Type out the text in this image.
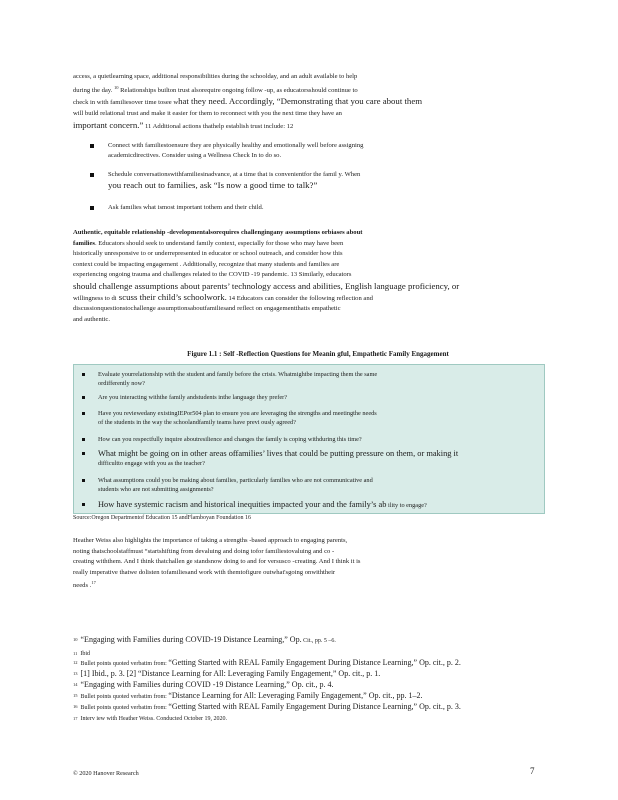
access, a quietlearning space, additional responsibilities during the schoolday, and an adult available to help

during the day. $^{10}$ Relationships builton trust alsorequire ongoing follow -up, as educatorsshould continue to

check in with familiesover time tosee what they need. Accordingly, “Demonstrating that you care about them

will build relational trust and make it easier for them to reconnect with you the next time they have an

important concern.” 11 Additional actions thathelp establish trust include: 12

Connect with familiestoensure they are physically healthy and emotionally well before assigning
academicdirectives. Consider using a Wellness Check In to do so.
Schedule conversationswithfamiliesinadvance, at a time that is convenientfor the famil y. When
you reach out to families, ask “Is now a good time to talk?”
Ask families what ismost important tothem and their child.

Authentic, equitable relationship -developmentalsorequires challengingany assumptions orbiases about

families. Educators should seek to understand family context, especially for those who may have been

historically unresponsive to or underrepresented in educator or school outreach, and consider how this

context could be impacting engagement . Additionally, recognize that many students and families are

experiencing ongoing trauma and challenges related to the COVID -19 pandemic. 13 Similarly, educators

should challenge assumptions about parents’ technology access and abilities, English language proficiency, or

willingness to di scuss their child’s schoolwork. 14 Educators can consider the following reflection and

discussionquestionstochallenge assumptionsaboutfamiliesand reflect on engagementthatis empathetic

and authentic.

Figure 1.1 : Self -Reflection Questions for Meanin gful, Empathetic Family Engagement
Evaluate yourrelationship with the student and family before the crisis. Whatmightbe impacting them the same
ordifferently now?
Are you interacting withthe family andstudents inthe language they prefer?
Have you reviewedany existingIEPor504 plan to ensure you are leveraging the strengths and meetingthe needs
of the students in the way the schoolandfamily teams have previ ously agreed?
How can you respectfully inquire aboutresilience and changes the family is coping withduring this time?
What might be going on in other areas offamilies’ lives that could be putting pressure on them, or making it
difficultto engage with you as the teacher?
What assumptions could you be making about families, particularly families who are not communicative and
students who are not submitting assignments?
How have systemic racism and historical inequities impacted your and the family’s ab ility to engage?
Source:Oregon Departmentof Education 15 andFlamboyan Foundation 16

Heather Weiss also highlights the importance of taking a strengths -based approach to engaging parents,

noting thatschoolstaffmust “startshifting from devaluing and doing tofor familiestovaluing and co -

creating withthem. And I think thatchallen ge standsnow doing to and for versusco -creating. And I think it is

really imperative thatwe dolisten tofamiliesand work with themtofigure outwhat'sgoing onwiththeir

needs .$^{17}$

$^{10}$ “Engaging with Families during COVID-19 Distance Learning,” Op. Cit., pp. 5 –6.
$^{11}$ Ibid
$^{12}$ Bullet points quoted verbatim from: “Getting Started with REAL Family Engagement During Distance Learning,” Op. cit., p. 2.
$^{13}$ [1] Ibid., p. 3. [2] “Distance Learning for All: Leveraging Family Engagement,” Op. cit., p. 1.
$^{14}$ “Engaging with Families during COVID -19 Distance Learning,” Op. cit., p. 4.
$^{15}$ Bullet points quoted verbatim from: “Distance Learning for All: Leveraging Family Engagement,” Op. cit., pp. 1–2.
$^{16}$ Bullet points quoted verbatim from: “Getting Started with REAL Family Engagement During Distance Learning,” Op. cit., p. 3.
$^{17}$ Interv iew with Heather Weiss. Conducted October 19, 2020.
© 2020 Hanover Research	7
